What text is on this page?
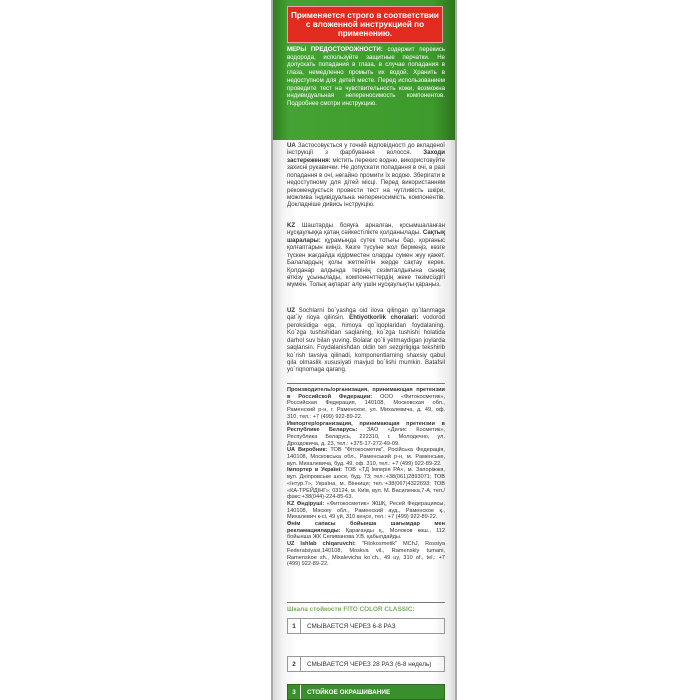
Применяется строго в соответствии с вложенной инструкцией по применению.
МЕРЫ ПРЕДОСТОРОЖНОСТИ: содержит перекись водорода, используйте защитные перчатки. Не допускать попадания в глаза, в случае попадания в глаза, немедленно промыть их водой. Хранить в недоступном для детей месте. Перед использованием проведите тест на чувствительность кожи, возможна индивидуальная непереносимость компонентов. Подробнее смотри инструкцию.
UA Застосовується у точній відповідності до вкладеної інструкції з фарбування волосся. Заходи застереження: містить перекис водню, використовуйте захисні рукавички. Не допускати попадання в очі, в разі попадання в очі, негайно промити їх водою. Зберігати в недоступному для дітей місці. Перед використанням рекомендується провести тест на чутливість шкіри, можлива індивідуальна непереносимість компонентів. Докладніше дивись інструкцію.
KZ Шаштарды бояуға арналған, қосымшаланған нұсқаулыққа қатаң сәйкестілікте қолданылады. Сақтық шаралары: құрамында сутек тотығы бар, қорғаныс қолғаптарын киіңіз. Көзге түсуіне жол бермеңіз, көзге түскен жағдайда кідірместен оларды сумен жуу қажет. Балалардың қолы жетпейтін жерде сақтау керек. Қолданар алдында терінің сезімталдығына сынақ өткізу ұсынылады, компоненттердің жеке төзімсіздігі мүмкін. Толық ақпарат алу үшін нұсқаулықты қараңыз.
UZ Sochlarni bo`yashga oid ilova qilingan qo`llanmaga qat`iy rioya qilinsin. Ehtiyotkorlik choralari: vodorod peroksidiga ega, himoya qo`lqoplaridan foydalaning. Ko`zga tushishidan saqlaning, ko`zga tushishi holatida darhol suv bilan yuving. Bolalar qo`li yetmaydigan joylarda saqlansin. Foydalanishdan oldin teri sezgirligiga tekshirib ko`rish tavsiya qilinadi, komponentlarning shaxsiy qabul qila olmaslik xususiyati mavjud bo`lishi mumkin. Batafsil yo`riqnomaga qarang.
Производитель/организация, принимающая претензии в Российской Федерации: ООО «Фитокосметик», Российская Федерация, 140108, Московская обл., Раменский р-н, г. Раменское, ул. Михалевича, д. 49, оф. 310, тел.: +7 (499) 922-89-22.
Импортер/организация, принимающая претензии в Республике Беларусь: ЗАО «Дилис Косметик», Республика Беларусь, 222310, г. Молодечно, ул. Дроздовича, д. 23, тел.: +375-17-272-49-09.
UA Виробник: ТОВ "Фітокосметик", Російська Федерація, 140108, Московська обл., Раменський р-н, м. Раменське, вул. Михалевича, буд. 49, оф. 310, тел.: +7 (499) 922-89-22.
Імпортер в Україні: ТОВ «ТД Імперія РА», м. Запоріжжя, вул. Дніпровське шосе, буд. 73; тел.:+38(061)2893071; ТОВ «Інтур.7», Україна, м. Вінниця; тел.:+38(067)4322693; ТОВ «КА-ТРЕЙДІНГ», 03124, м. Київ, вул. М. Василенка,7-А, тел./факс:+38(044)-224-85-63.
KZ Өндіруші: «Фитокосметик» ЖШҚ, Ресей Федерациясы, 140108, Мәскеу обл., Раменский ауд., Раменское қ., Михалевич к-сі, 49 үй, 310 кеңсе, тел.: +7 (499) 922-89-22.
Өнім сапасы бойынша шағымдар мен рекламацияларды: Қарағанды қ., Молоков көш., 112 бойынша ЖК Селиванова У.В. қабылдайды.
UZ Ishlab chiqaruvchi: "Fitokosmetik" MChJ, Rossiya Federatsiyasi,140108, Moskva vil., Ramenskiy tumani, Ramenskoe sh., Mixalevicha ko`ch., 49 uy, 310 of., tel.: +7 (499) 922-89-22.
Шкала стойкости FITO COLOR CLASSIC:
1	СМЫВАЕТСЯ ЧЕРЕЗ 6-8 РАЗ
2	СМЫВАЕТСЯ ЧЕРЕЗ 28 РАЗ (6-8 недель)
3	СТОЙКОЕ ОКРАШИВАНИЕ
